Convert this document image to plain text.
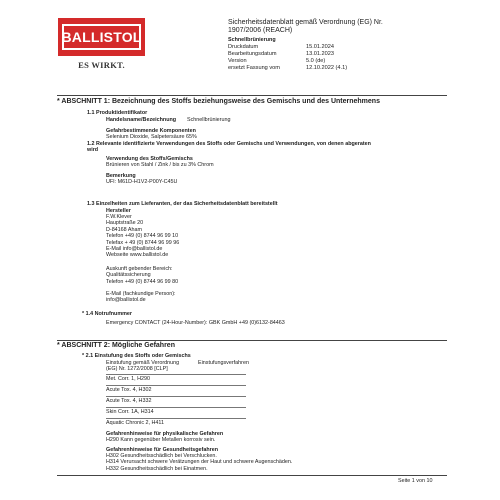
BALLISTOL
ES WIRKT.
Sicherheitsdatenblatt gemäß Verordnung (EG) Nr.
1907/2006 (REACH)
Schnellbrünierung
Druckdatum	15.01.2024
Bearbeitungsdatum	13.01.2023
Version	5.0 (de)
ersetzt Fassung vom	12.10.2022 (4.1)
* ABSCHNITT 1: Bezeichnung des Stoffs beziehungsweise des Gemischs und des Unternehmens
1.1 Produktidentifikator
Handelsname/Bezeichnung Schnellbrünierung
Gefahrbestimmende Komponenten
Selenium Dioxide, Salpetersäure 65%
1.2 Relevante identifizierte Verwendungen des Stoffs oder Gemischs und Verwendungen, von denen abgeraten
wird
Verwendung des Stoffs/Gemischs
Brünieren von Stahl / Zink / bis zu 3% Chrom
Bemerkung
UFI: M61D-H1V2-P00Y-C45U
1.3 Einzelheiten zum Lieferanten, der das Sicherheitsdatenblatt bereitstellt
Hersteller
F.W.Klever
Hauptstraße 20
D-84168 Aham
Telefon +49 (0) 8744 96 99 10
Telefax + 49 (0) 8744 96 99 96
E-Mail info@ballistol.de
Webseite www.ballistol.de
Auskunft gebender Bereich:
Qualitätssicherung
Telefon +49 (0) 8744 96 99 80
E-Mail (fachkundige Person):
info@ballistol.de
* 1.4 Notrufnummer
Emergency CONTACT (24-Hour-Number): GBK GmbH +49 (0)6132-84463
* ABSCHNITT 2: Mögliche Gefahren
* 2.1 Einstufung des Stoffs oder Gemischs
Einstufung gemäß Verordnung
(EG) Nr. 1272/2008 [CLP]
Einstufungsverfahren
Met. Corr. 1, H290
Acute Tox. 4, H302
Acute Tox. 4, H332
Skin Corr. 1A, H314
Aquatic Chronic 2, H411
Gefahrenhinweise für physikalische Gefahren
H290 Kann gegenüber Metallen korrosiv sein.
Gefahrenhinweise für Gesundheitsgefahren
H302 Gesundheitsschädlich bei Verschlucken.
H314 Verursacht schwere Verätzungen der Haut und schwere Augenschäden.
H332 Gesundheitsschädlich bei Einatmen.
Seite 1 von 10
